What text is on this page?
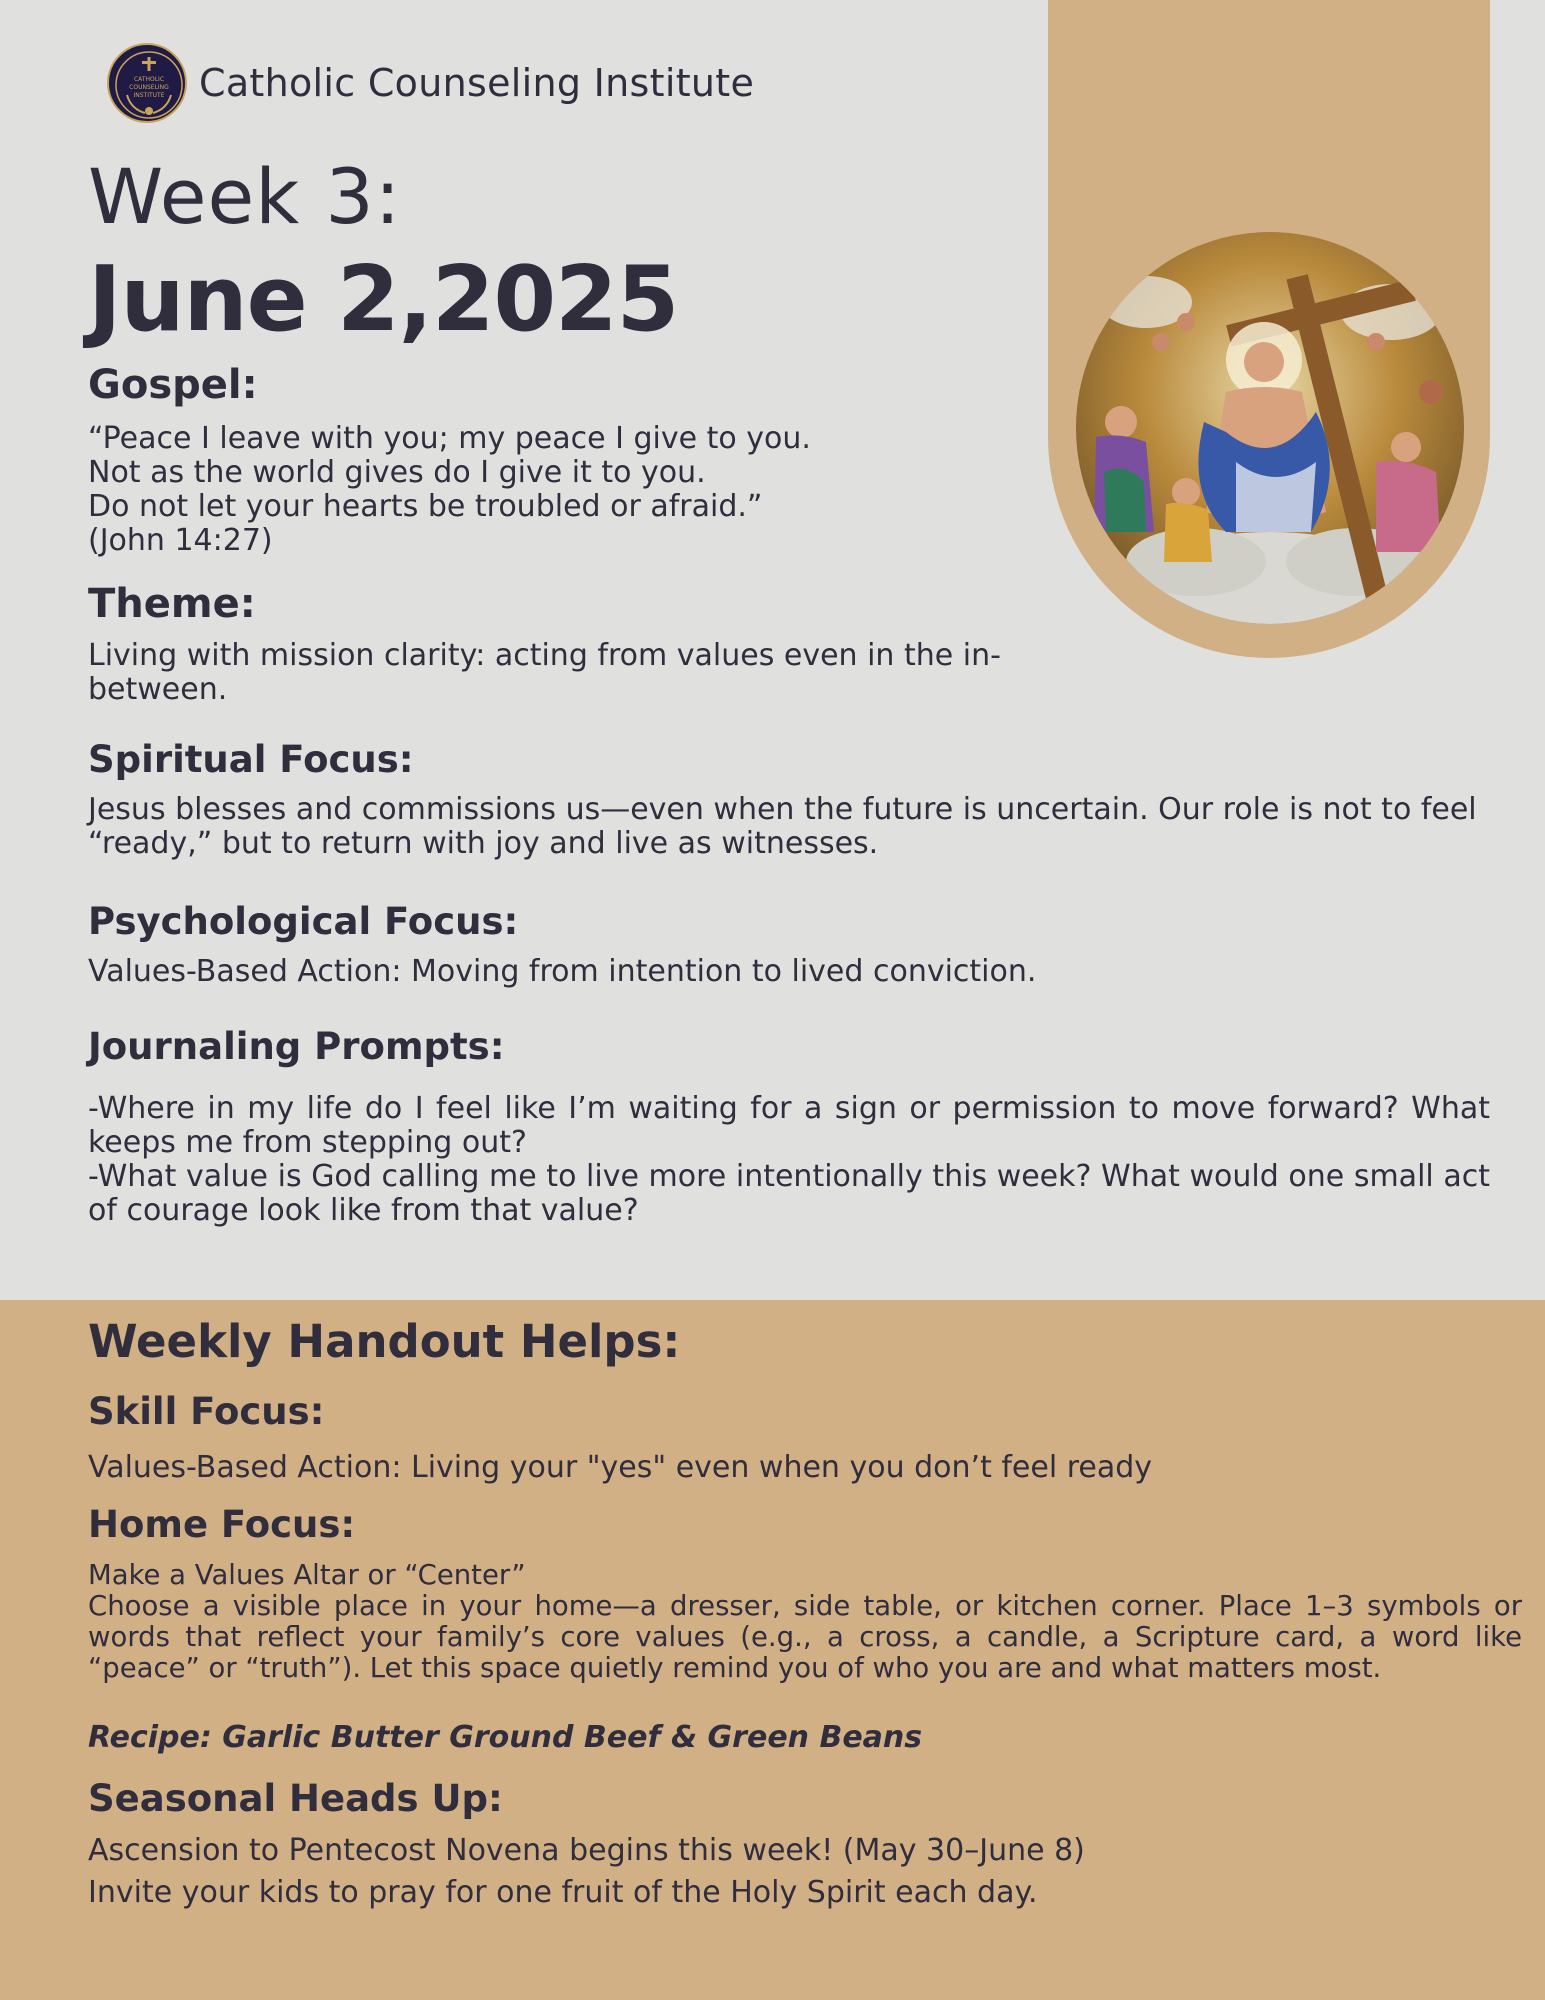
CATHOLIC
COUNSELING
INSTITUTE Catholic Counseling Institute
Week 3:
June 2,2025
Gospel:
“Peace I leave with you; my peace I give to you.
Not as the world gives do I give it to you.
Do not let your hearts be troubled or afraid.”
(John 14:27)
Theme:
Living with mission clarity: acting from values even in the in-
between.
Spiritual Focus:
Jesus blesses and commissions us—even when the future is uncertain. Our role is not to feel “ready,” but to return with joy and live as witnesses.
Psychological Focus:
Values-Based Action: Moving from intention to lived conviction.
Journaling Prompts:
-Where in my life do I feel like I’m waiting for a sign or permission to move forward? What keeps me from stepping out?
-What value is God calling me to live more intentionally this week? What would one small act of courage look like from that value?
Weekly Handout Helps:
Skill Focus:
Values-Based Action: Living your "yes" even when you don’t feel ready
Home Focus:
Make a Values Altar or “Center”
Choose a visible place in your home—a dresser, side table, or kitchen corner. Place 1–3 symbols or words that reflect your family’s core values (e.g., a cross, a candle, a Scripture card, a word like “peace” or “truth”). Let this space quietly remind you of who you are and what matters most.
Recipe: Garlic Butter Ground Beef & Green Beans
Seasonal Heads Up:
Ascension to Pentecost Novena begins this week! (May 30–June 8)
Invite your kids to pray for one fruit of the Holy Spirit each day.
